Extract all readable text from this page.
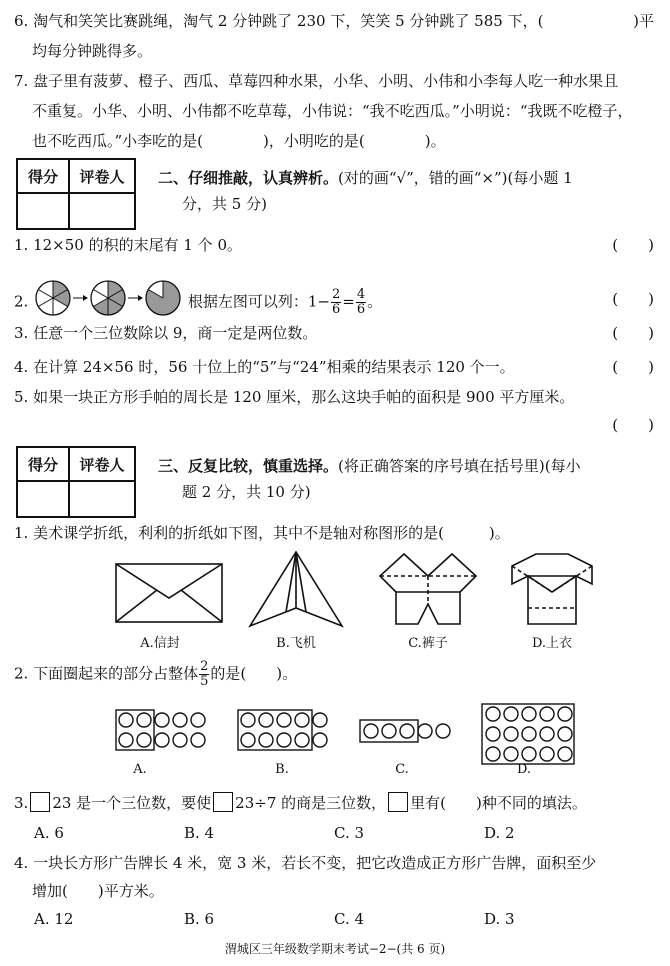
6. 淘气和笑笑比赛跳绳，淘气 2 分钟跳了 230 下，笑笑 5 分钟跳了 585 下，(	)平
均每分钟跳得多。
7. 盘子里有菠萝、橙子、西瓜、草莓四种水果，小华、小明、小伟和小李每人吃一种水果且
不重复。小华、小明、小伟都不吃草莓，小伟说：“我不吃西瓜。”小明说：“我既不吃橙子，
也不吃西瓜。”小李吃的是(　　　　)，小明吃的是(　　　　)。
得分	评卷人
	二、仔细推敲，认真辨析。(对的画“√”，错的画“×”)(每小题 1
分，共 5 分)
1. 12×50 的积的末尾有 1 个 0。	(　　)
2.	根据左图可以列：$1- \frac{2}{6} = \frac{4}{6}$ 。	(　　)
3. 任意一个三位数除以 9，商一定是两位数。	(　　)
4. 在计算 24×56 时，56 十位上的“5”与“24”相乘的结果表示 120 个一。	(　　)
5. 如果一块正方形手帕的周长是 120 厘米，那么这块手帕的面积是 900 平方厘米。
(　　)
得分	评卷人
	三、反复比较，慎重选择。(将正确答案的序号填在括号里)(每小
题 2 分，共 10 分)
1. 美术课学折纸，利利的折纸如下图，其中不是轴对称图形的是(　　　)。
A.信封	B.飞机	C.裤子	D.上衣
2. 下面圈起来的部分占整体 $\frac{2}{5}$ 的是(　　)。
A.	B.	C.	D.
3. 23 是一个三位数，要使 23÷7 的商是三位数， 里有(　　)种不同的填法。
A. 6	B. 4	C. 3	D. 2
4. 一块长方形广告牌长 4 米，宽 3 米，若长不变，把它改造成正方形广告牌，面积至少
增加(　　)平方米。
A. 12	B. 6	C. 4	D. 3
渭城区三年级数学期末考试−2−(共 6 页)
